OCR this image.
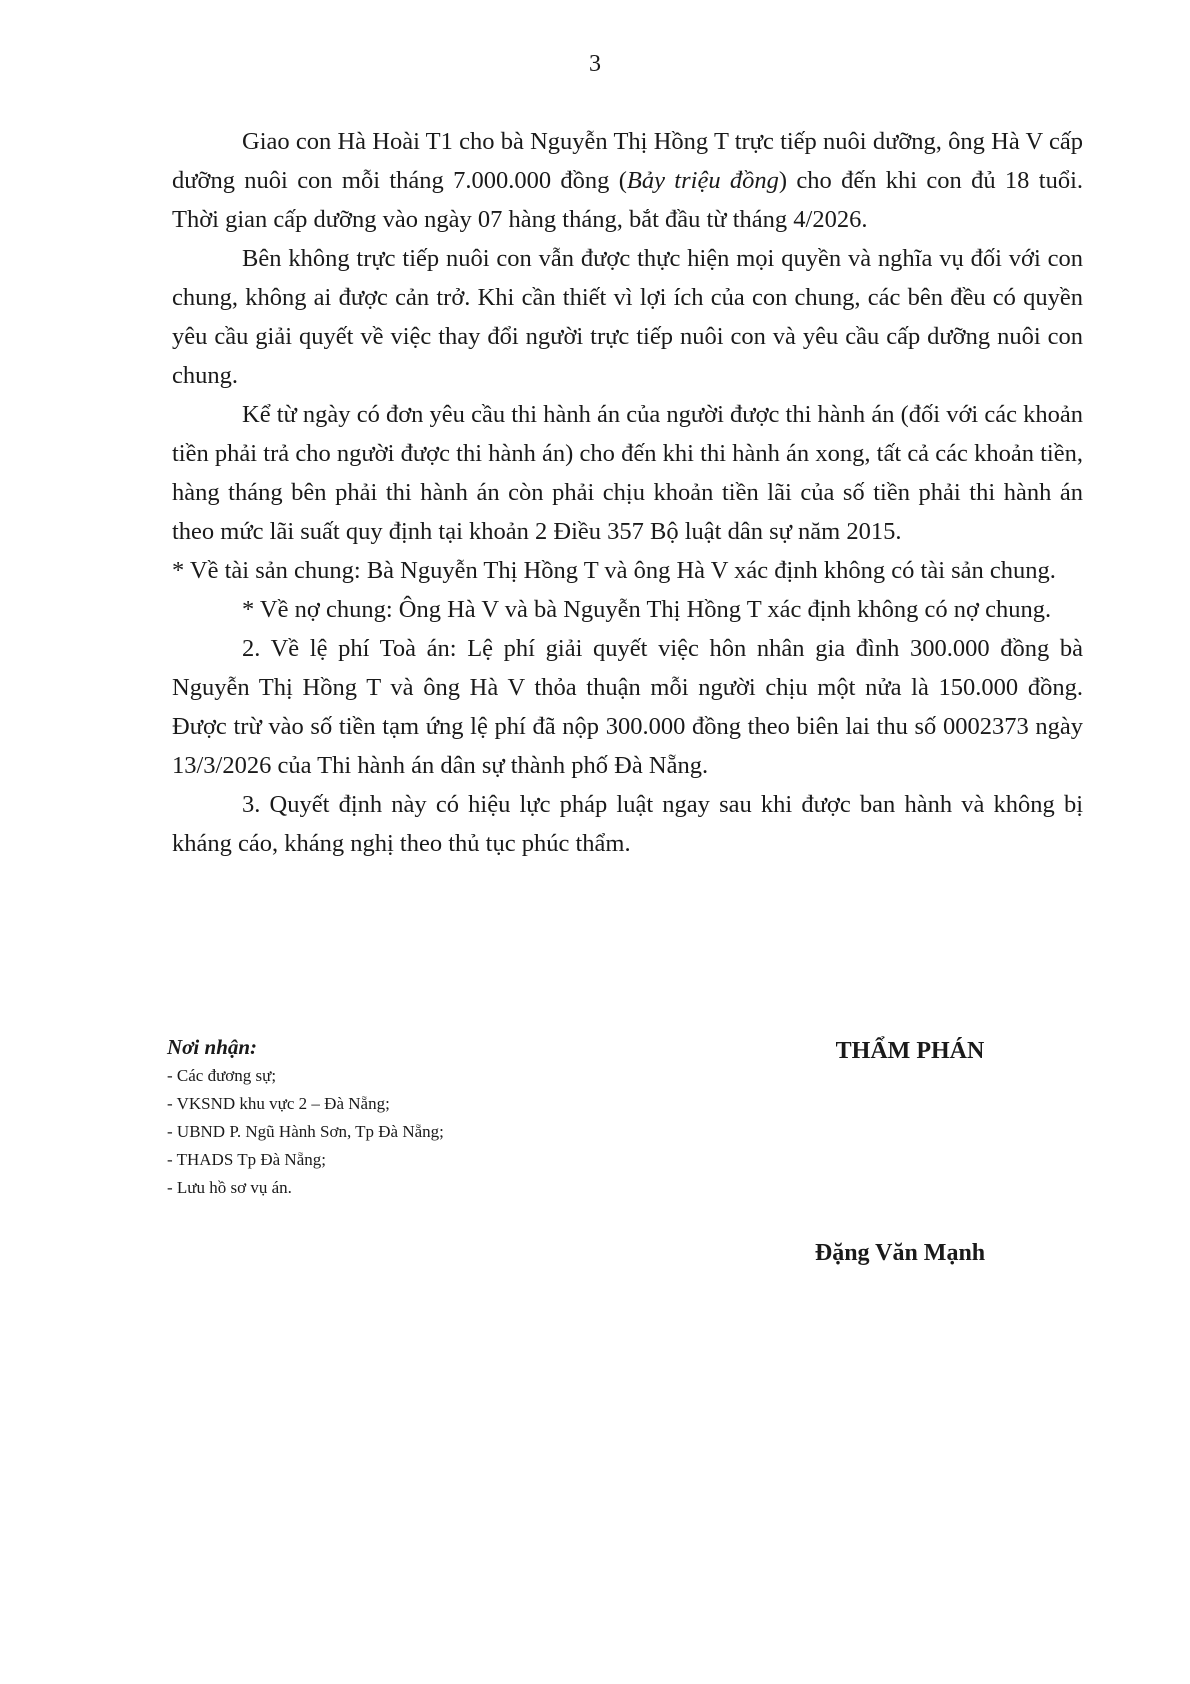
3

Giao con Hà Hoài T1 cho bà Nguyễn Thị Hồng T trực tiếp nuôi dưỡng, ông Hà V cấp dưỡng nuôi con mỗi tháng 7.000.000 đồng (Bảy triệu đồng) cho đến khi con đủ 18 tuổi. Thời gian cấp dưỡng vào ngày 07 hàng tháng, bắt đầu từ tháng 4/2026.

Bên không trực tiếp nuôi con vẫn được thực hiện mọi quyền và nghĩa vụ đối với con chung, không ai được cản trở. Khi cần thiết vì lợi ích của con chung, các bên đều có quyền yêu cầu giải quyết về việc thay đổi người trực tiếp nuôi con và yêu cầu cấp dưỡng nuôi con chung.

Kể từ ngày có đơn yêu cầu thi hành án của người được thi hành án (đối với các khoản tiền phải trả cho người được thi hành án) cho đến khi thi hành án xong, tất cả các khoản tiền, hàng tháng bên phải thi hành án còn phải chịu khoản tiền lãi của số tiền phải thi hành án theo mức lãi suất quy định tại khoản 2 Điều 357 Bộ luật dân sự năm 2015.

* Về tài sản chung: Bà Nguyễn Thị Hồng T và ông Hà V xác định không có tài sản chung.

* Về nợ chung: Ông Hà V và bà Nguyễn Thị Hồng T xác định không có nợ chung.

2. Về lệ phí Toà án: Lệ phí giải quyết việc hôn nhân gia đình 300.000 đồng bà Nguyễn Thị Hồng T và ông Hà V thỏa thuận mỗi người chịu một nửa là 150.000 đồng. Được trừ vào số tiền tạm ứng lệ phí đã nộp 300.000 đồng theo biên lai thu số 0002373 ngày 13/3/2026 của Thi hành án dân sự thành phố Đà Nẵng.

3. Quyết định này có hiệu lực pháp luật ngay sau khi được ban hành và không bị kháng cáo, kháng nghị theo thủ tục phúc thẩm.

Nơi nhận:
- Các đương sự;
- VKSND khu vực 2 – Đà Nẵng;
- UBND P. Ngũ Hành Sơn, Tp Đà Nẵng;
- THADS Tp Đà Nẵng;
- Lưu hồ sơ vụ án.
THẨM PHÁN
Đặng Văn Mạnh
